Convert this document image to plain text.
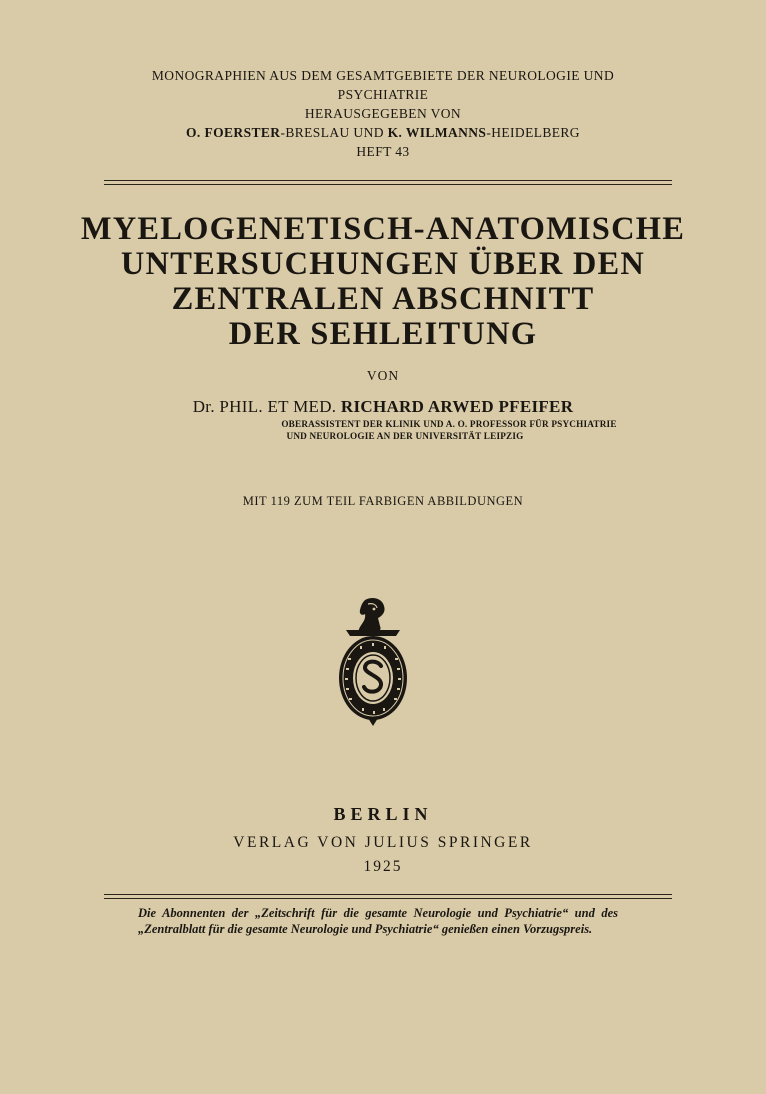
MONOGRAPHIEN AUS DEM GESAMTGEBIETE DER NEUROLOGIE UND
PSYCHIATRIE
HERAUSGEGEBEN VON
O. FOERSTER-BRESLAU UND K. WILMANNS-HEIDELBERG
HEFT 43
MYELOGENETISCH-ANATOMISCHE
UNTERSUCHUNGEN ÜBER DEN
ZENTRALEN ABSCHNITT
DER SEHLEITUNG
VON
Dr. PHIL. ET MED. RICHARD ARWED PFEIFER
OBERASSISTENT DER KLINIK UND A. O. PROFESSOR FÜR PSYCHIATRIE
UND NEUROLOGIE AN DER UNIVERSITÄT LEIPZIG
MIT 119 ZUM TEIL FARBIGEN ABBILDUNGEN
BERLIN
VERLAG VON JULIUS SPRINGER
1925
Die Abonnenten der „Zeitschrift für die gesamte Neurologie und Psychiatrie“ und des „Zentralblatt für die gesamte Neurologie und Psychiatrie“ genießen einen Vorzugspreis.
